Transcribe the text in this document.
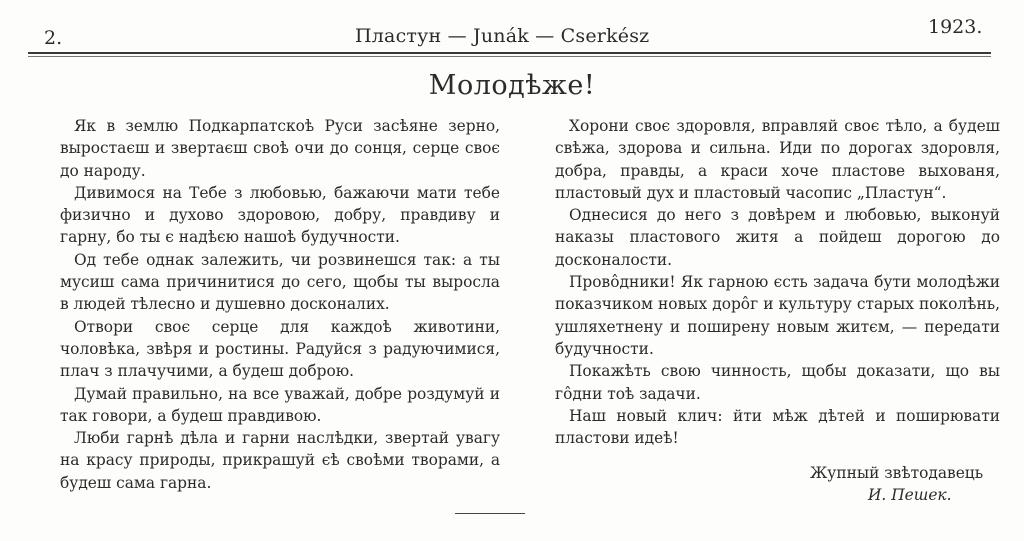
2.	Пластун — Junák — Cserkész	1923.
Молодѣже!

Як в землю Подкарпатскоѣ Руси засѣяне зерно, выростаєш и звертаєш своѣ очи до сонця, серце своє до народу.

Дивимося на Тебе з любовью, бажаючи мати тебе физично и духово здоровою, добру, правдиву и гарну, бо ты є надѣєю нашоѣ будучности.

Од тебе однак залежить, чи розвинешся так: а ты мусиш сама причинитися до сего, щобы ты выросла в людей тѣлесно и душевно досконалих.

Отвори своє серце для каждоѣ животини, чоловѣка, звѣря и ростины. Радуйся з радуючимися, плач з плачучими, а будеш доброю.

Думай правильно, на все уважай, добре роздумуй и так говори, а будеш правдивою.

Люби гарнѣ дѣла и гарни наслѣдки, звертай увагу на красу природы, прикрашуй єѣ своѣми творами, а будеш сама гарна.

Хорони своє здоровля, вправляй своє тѣло, а будеш свѣжа, здорова и сильна. Иди по дорогах здоровля, добра, правды, а краси хоче пластове выхованя, пластовый дух и пластовый часопис „Пластун“.

Однесися до него з довѣрем и любовью, выконуй наказы пластового житя а пойдеш дорогою до досконалости.

Провôдники! Як гарною єсть задача бути молодѣжи показчиком новых дорôг и культуру старых поколѣнь, ушляхетнену и поширену новым житєм, — передати будучности.

Покажѣть свою чинность, щобы доказати, що вы гôдни тоѣ задачи.

Наш новый клич: йти мѣж дѣтей и поширювати пластови идеѣ!

Жупный звѣтодавець
И. Пешек.
